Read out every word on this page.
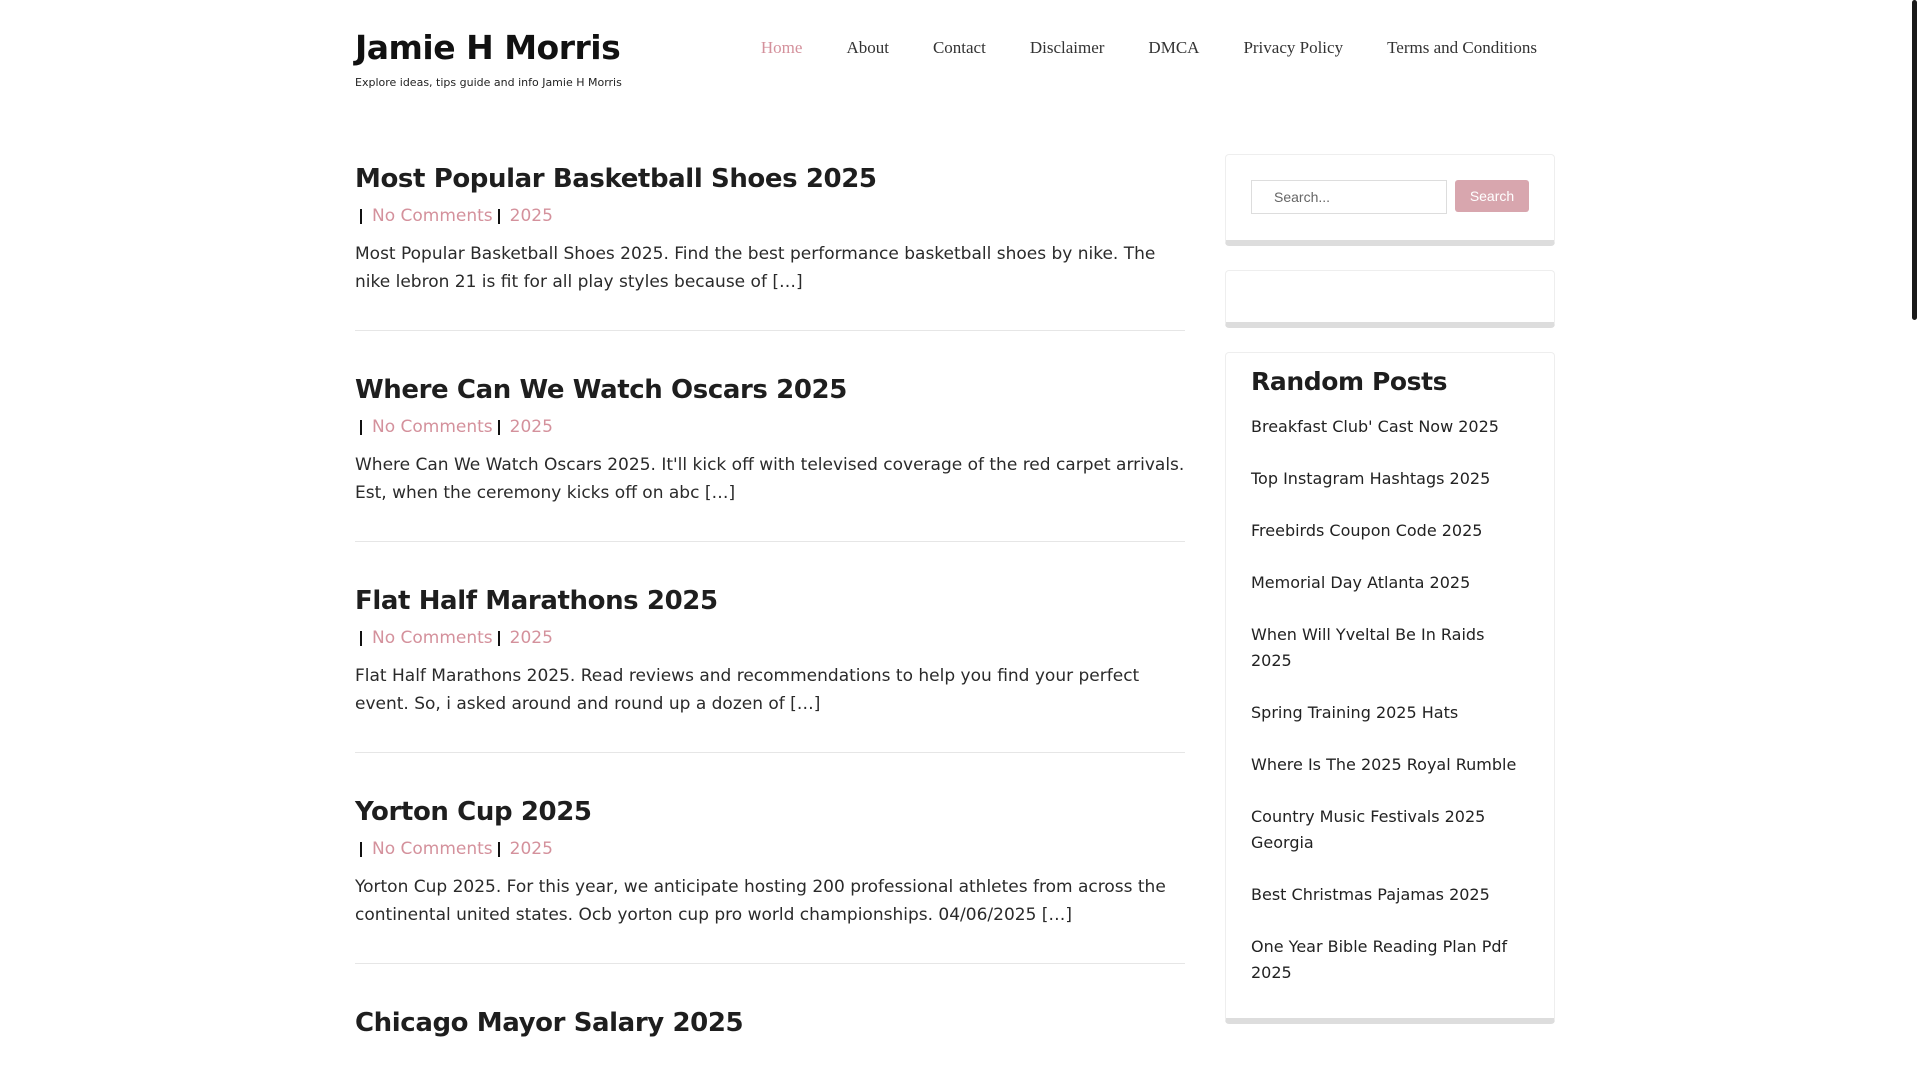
Jamie H Morris
Explore ideas, tips guide and info Jamie H Morris
Home	About	Contact	Disclaimer	DMCA	Privacy Policy	Terms and Conditions
Most Popular Basketball Shoes 2025
No Comments 2025
Most Popular Basketball Shoes 2025. Find the best performance basketball shoes by nike. The nike lebron 21 is fit for all play styles because of […]
Where Can We Watch Oscars 2025
No Comments 2025
Where Can We Watch Oscars 2025. It'll kick off with televised coverage of the red carpet arrivals. Est, when the ceremony kicks off on abc […]
Flat Half Marathons 2025
No Comments 2025
Flat Half Marathons 2025. Read reviews and recommendations to help you find your perfect event. So, i asked around and round up a dozen of […]
Yorton Cup 2025
No Comments 2025
Yorton Cup 2025. For this year, we anticipate hosting 200 professional athletes from across the continental united states. Ocb yorton cup pro world championships. 04/06/2025 […]
Chicago Mayor Salary 2025
Search...
Search
Random Posts
Breakfast Club' Cast Now 2025
Top Instagram Hashtags 2025
Freebirds Coupon Code 2025
Memorial Day Atlanta 2025
When Will Yveltal Be In Raids 2025
Spring Training 2025 Hats
Where Is The 2025 Royal Rumble
Country Music Festivals 2025 Georgia
Best Christmas Pajamas 2025
One Year Bible Reading Plan Pdf 2025
